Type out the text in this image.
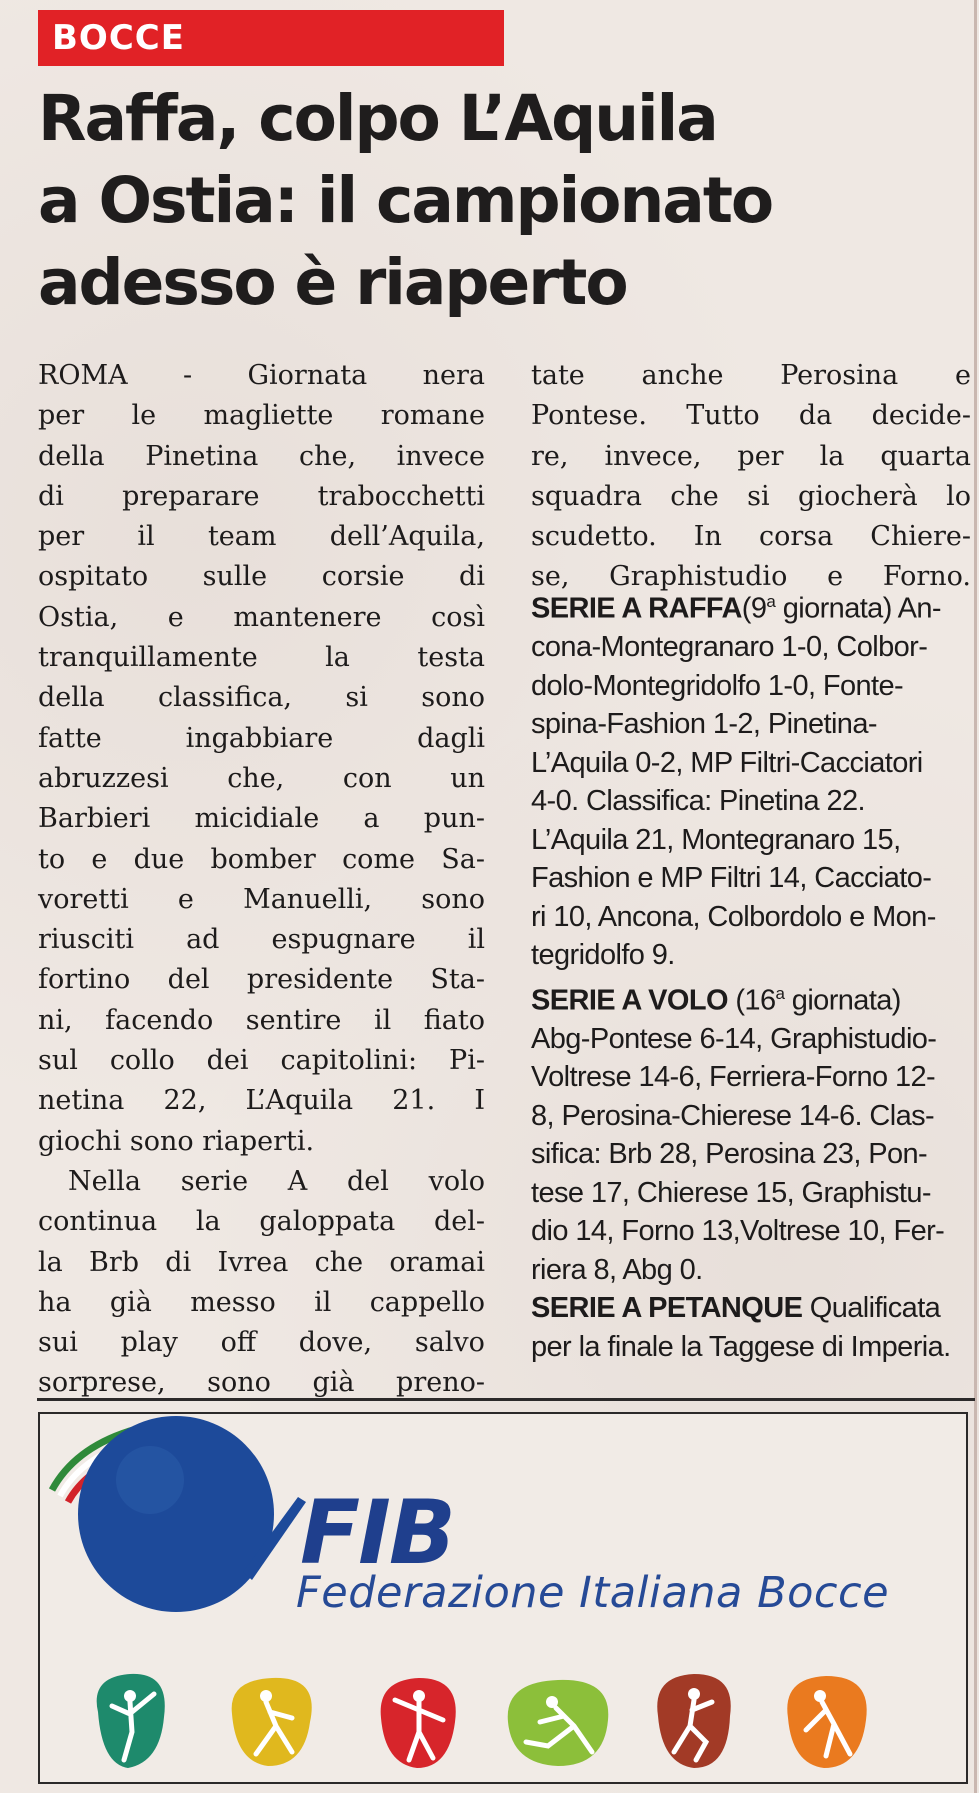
BOCCE
Raffa, colpo L’Aquila
a Ostia: il campionato
adesso è riaperto
ROMA - Giornata nera
per le magliette romane
della Pinetina che, invece
di preparare trabocchetti
per il team dell’Aquila,
ospitato sulle corsie di
Ostia, e mantenere così
tranquillamente la testa
della classifica, si sono
fatte	ingabbiare	dagli
abruzzesi che, con un
Barbieri micidiale a pun-
to e due bomber come Sa-
voretti e Manuelli, sono
riusciti ad espugnare il
fortino del presidente Sta-
ni, facendo sentire il fiato
sul collo dei capitolini: Pi-
netina 22, L’Aquila 21. I
giochi sono riaperti.
Nella serie A del volo
continua la galoppata del-
la Brb di Ivrea che oramai
ha già messo il cappello
sui play off dove, salvo
sorprese, sono già preno-
tate anche Perosina e
Pontese. Tutto da decide-
re, invece, per la quarta
squadra che si giocherà lo
scudetto. In corsa Chiere-
se, Graphistudio e Forno.
SERIE A RAFFA(9$^a$ giornata) An-
cona-Montegranaro 1-0, Colbor-
dolo-Montegridolfo 1-0, Fonte-
spina-Fashion 1-2, Pinetina-
L’Aquila 0-2, MP Filtri-Cacciatori
4-0. Classifica: Pinetina 22.
L’Aquila 21, Montegranaro 15,
Fashion e MP Filtri 14, Cacciato-
ri 10, Ancona, Colbordolo e Mon-
tegridolfo 9.
SERIE A VOLO (16$^a$ giornata)
Abg-Pontese 6-14, Graphistudio-
Voltrese 14-6, Ferriera-Forno 12-
8, Perosina-Chierese 14-6. Clas-
sifica: Brb 28, Perosina 23, Pon-
tese 17, Chierese 15, Graphistu-
dio 14, Forno 13,Voltrese 10, Fer-
riera 8, Abg 0.
SERIE A PETANQUE Qualificata
per la finale la Taggese di Imperia.
FIB
Federazione Italiana Bocce
